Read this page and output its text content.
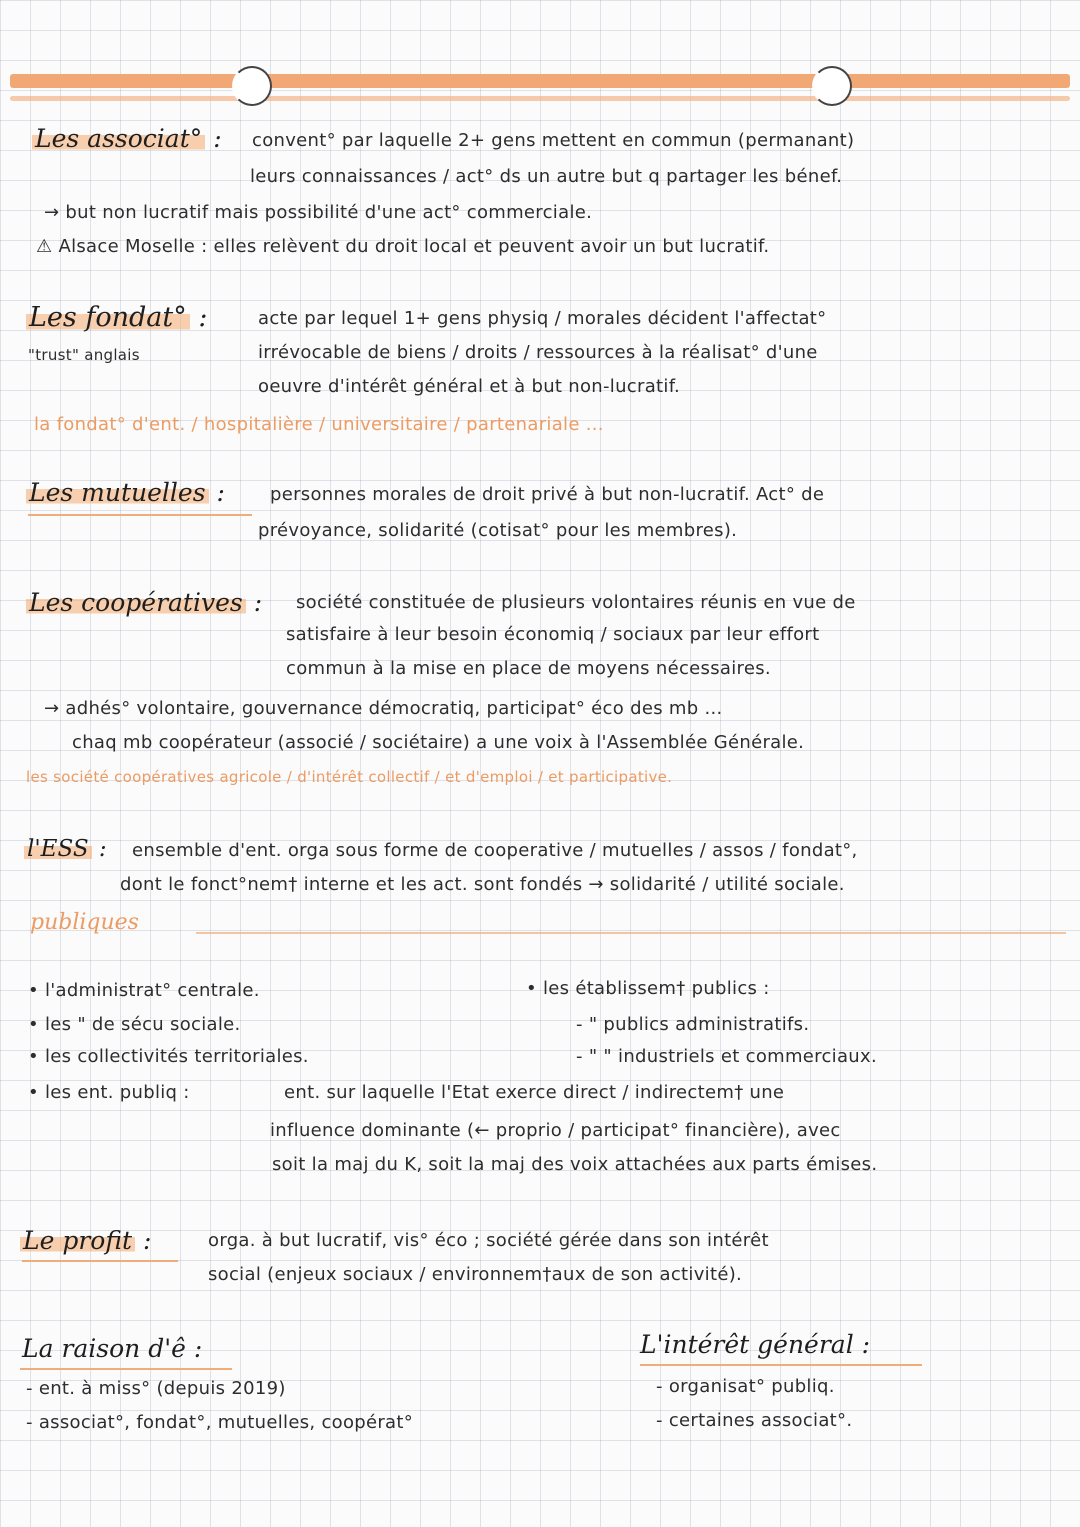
Les associat° : convent° par laquelle 2+ gens mettent en commun (permanant)
leurs connaissances / act° ds un autre but q partager les bénef.
→ but non lucratif mais possibilité d'une act° commerciale.
⚠ Alsace Moselle : elles relèvent du droit local et peuvent avoir un but lucratif.
Les fondat° :
"trust" anglais
acte par lequel 1+ gens physiq / morales décident l'affectat°
irrévocable de biens / droits / ressources à la réalisat° d'une
oeuvre d'intérêt général et à but non-lucratif.
la fondat° d'ent. / hospitalière / universitaire / partenariale ...
Les mutuelles :	personnes morales de droit privé à but non-lucratif. Act° de
prévoyance, solidarité (cotisat° pour les membres).
Les coopératives : société constituée de plusieurs volontaires réunis en vue de
satisfaire à leur besoin économiq / sociaux par leur effort
commun à la mise en place de moyens nécessaires.
→ adhés° volontaire, gouvernance démocratiq, participat° éco des mb ...
chaq mb coopérateur (associé / sociétaire) a une voix à l'Assemblée Générale.
les société coopératives agricole / d'intérêt collectif / et d'emploi / et participative.
l'ESS : ensemble d'ent. orga sous forme de cooperative / mutuelles / assos / fondat°,
dont le fonct°nem† interne et les act. sont fondés → solidarité / utilité sociale.
publiques
• l'administrat° centrale.
• les " de sécu sociale.
• les collectivités territoriales.
• les ent. publiq :
• les établissem† publics :
- " publics administratifs.
- " " industriels et commerciaux.
ent. sur laquelle l'Etat exerce direct / indirectem† une
influence dominante (← proprio / participat° financière), avec
soit la maj du K, soit la maj des voix attachées aux parts émises.
Le profit :	orga. à but lucratif, vis° éco ; société gérée dans son intérêt
social (enjeux sociaux / environnem†aux de son activité).
La raison d'ê :
- ent. à miss° (depuis 2019)
- associat°, fondat°, mutuelles, coopérat°
L'intérêt général :
- organisat° publiq.
- certaines associat°.
